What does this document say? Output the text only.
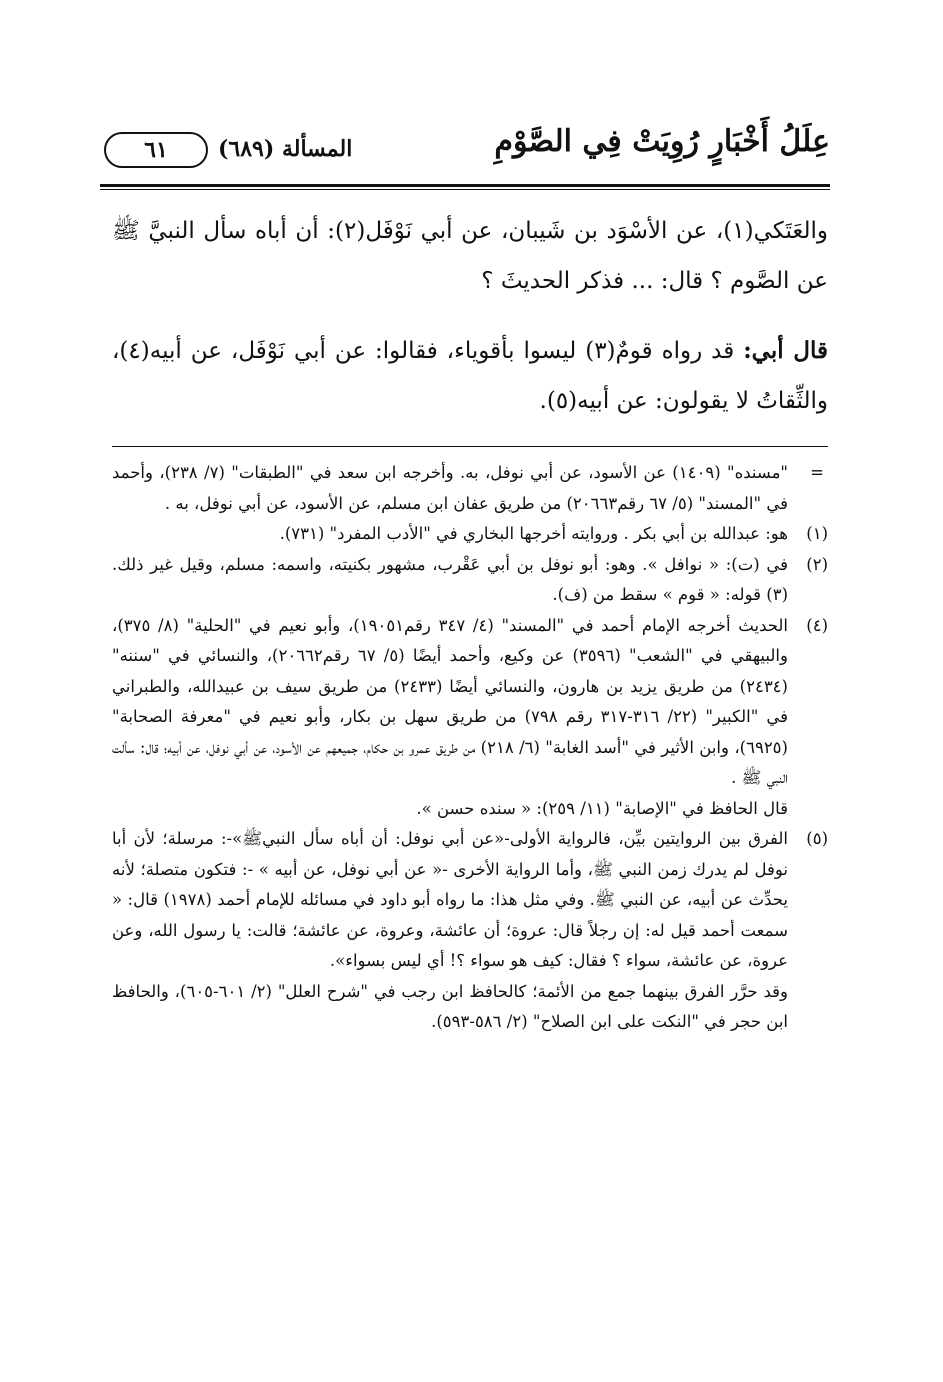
عِلَلُ أَخْبَارٍ رُوِيَتْ فِي الصَّوْمِ
المسألة (٦٨٩)
٦١

والعَتَكي(١)، عن الأسْوَد بن شَيبان، عن أبي نَوْفَل(٢): أن أباه سأل النبيَّ ﷺ عن الصَّوم ؟ قال: ... فذكر الحديثَ ؟

قال أبي: قد رواه قومٌ(٣) ليسوا بأقوياء، فقالوا: عن أبي نَوْفَل، عن أبيه(٤)، والثِّقاتُ لا يقولون: عن أبيه(٥).

=

"مسنده" (١٤٠٩) عن الأسود، عن أبي نوفل، به. وأخرجه ابن سعد في "الطبقات" (٧/ ٢٣٨)، وأحمد في "المسند" (٥/ ٦٧ رقم٢٠٦٦٣) من طريق عفان ابن مسلم، عن الأسود، عن أبي نوفل، به .

(١)

هو: عبدالله بن أبي بكر . وروايته أخرجها البخاري في "الأدب المفرد" (٧٣١).

(٢)

في (ت): « نوافل ». وهو: أبو نوفل بن أبي عَقْرب، مشهور بكنيته، واسمه: مسلم، وقيل غير ذلك. (٣) قوله: « قوم » سقط من (ف).

(٤)

الحديث أخرجه الإمام أحمد في "المسند" (٤/ ٣٤٧ رقم١٩٠٥١)، وأبو نعيم في "الحلية" (٨/ ٣٧٥)، والبيهقي في "الشعب" (٣٥٩٦) عن وكيع، وأحمد أيضًا (٥/ ٦٧ رقم٢٠٦٦٢)، والنسائي في "سننه"(٢٤٣٤) من طريق يزيد بن هارون، والنسائي أيضًا (٢٤٣٣) من طريق سيف بن عبيدالله، والطبراني في "الكبير" (٢٢/ ٣١٦-٣١٧ رقم ٧٩٨) من طريق سهل بن بكار، وأبو نعيم في "معرفة الصحابة" (٦٩٢٥)، وابن الأثير في "أسد الغابة" (٦/ ٢١٨) من طريق عمرو بن حكام، جميعهم عن الأسود، عن أبي نوفل، عن أبيه؛ قال: سألت النبي ﷺ .

قال الحافظ في "الإصابة" (١١/ ٢٥٩): « سنده حسن ».

(٥)

الفرق بين الروايتين بيِّن، فالرواية الأولى-«عن أبي نوفل: أن أباه سأل النبيﷺ»-: مرسلة؛ لأن أبا نوفل لم يدرك زمن النبي ﷺ، وأما الرواية الأخرى -« عن أبي نوفل، عن أبيه » -: فتكون متصلة؛ لأنه يحدِّث عن أبيه، عن النبي ﷺ. وفي مثل هذا: ما رواه أبو داود في مسائله للإمام أحمد (١٩٧٨) قال: « سمعت أحمد قيل له: إن رجلاً قال: عروة؛ أن عائشة، وعروة، عن عائشة؛ قالت: يا رسول الله، وعن عروة، عن عائشة، سواء ؟ فقال: كيف هو سواء ؟! أي ليس بسواء».

وقد حرَّر الفرق بينهما جمع من الأئمة؛ كالحافظ ابن رجب في "شرح العلل" (٢/ ٦٠١-٦٠٥)، والحافظ ابن حجر في "النكت على ابن الصلاح" (٢/ ٥٨٦-٥٩٣).
